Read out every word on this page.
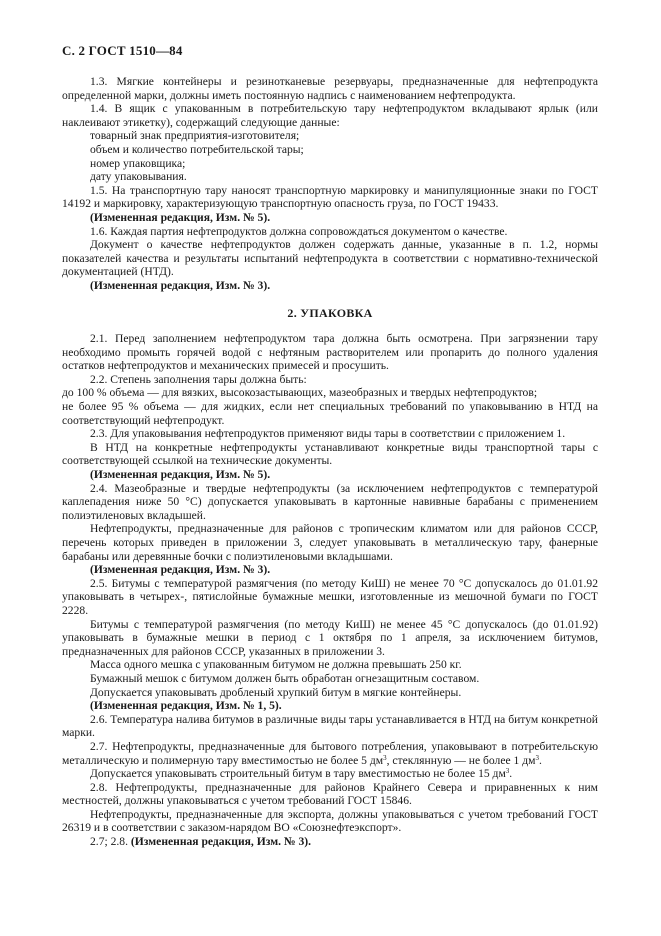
С. 2 ГОСТ 1510—84

1.3. Мягкие контейнеры и резинотканевые резервуары, предназначенные для нефтепродукта определенной марки, должны иметь постоянную надпись с наименованием нефтепродукта.

1.4. В ящик с упакованным в потребительскую тару нефтепродуктом вкладывают ярлык (или наклеивают этикетку), содержащий следующие данные:

товарный знак предприятия-изготовителя;

объем и количество потребительской тары;

номер упаковщика;

дату упаковывания.

1.5. На транспортную тару наносят транспортную маркировку и манипуляционные знаки по ГОСТ 14192 и маркировку, характеризующую транспортную опасность груза, по ГОСТ 19433.

(Измененная редакция, Изм. № 5).

1.6. Каждая партия нефтепродуктов должна сопровождаться документом о качестве.

Документ о качестве нефтепродуктов должен содержать данные, указанные в п. 1.2, нормы показателей качества и результаты испытаний нефтепродукта в соответствии с нормативно-технической документацией (НТД).

(Измененная редакция, Изм. № 3).

2. УПАКОВКА

2.1. Перед заполнением нефтепродуктом тара должна быть осмотрена. При загрязнении тару необходимо промыть горячей водой с нефтяным растворителем или пропарить до полного удаления остатков нефтепродуктов и механических примесей и просушить.

2.2. Степень заполнения тары должна быть:

до 100 % объема — для вязких, высокозастывающих, мазеобразных и твердых нефтепродуктов;

не более 95 % объема — для жидких, если нет специальных требований по упаковыванию в НТД на соответствующий нефтепродукт.

2.3. Для упаковывания нефтепродуктов применяют виды тары в соответствии с приложением 1.

В НТД на конкретные нефтепродукты устанавливают конкретные виды транспортной тары с соответствующей ссылкой на технические документы.

(Измененная редакция, Изм. № 5).

2.4. Мазеобразные и твердые нефтепродукты (за исключением нефтепродуктов с температурой каплепадения ниже 50 °С) допускается упаковывать в картонные навивные барабаны с применением полиэтиленовых вкладышей.

Нефтепродукты, предназначенные для районов с тропическим климатом или для районов СССР, перечень которых приведен в приложении 3, следует упаковывать в металлическую тару, фанерные барабаны или деревянные бочки с полиэтиленовыми вкладышами.

(Измененная редакция, Изм. № 3).

2.5. Битумы с температурой размягчения (по методу КиШ) не менее 70 °С допускалось до 01.01.92 упаковывать в четырех-, пятислойные бумажные мешки, изготовленные из мешочной бумаги по ГОСТ 2228.

Битумы с температурой размягчения (по методу КиШ) не менее 45 °С допускалось (до 01.01.92) упаковывать в бумажные мешки в период с 1 октября по 1 апреля, за исключением битумов, предназначенных для районов СССР, указанных в приложении 3.

Масса одного мешка с упакованным битумом не должна превышать 250 кг.

Бумажный мешок с битумом должен быть обработан огнезащитным составом.

Допускается упаковывать дробленый хрупкий битум в мягкие контейнеры.

(Измененная редакция, Изм. № 1, 5).

2.6. Температура налива битумов в различные виды тары устанавливается в НТД на битум конкретной марки.

2.7. Нефтепродукты, предназначенные для бытового потребления, упаковывают в потребительскую металлическую и полимерную тару вместимостью не более 5 $дм^3$, стеклянную — не более 1 $дм^3$.

Допускается упаковывать строительный битум в тару вместимостью не более 15 $дм^3$.

2.8. Нефтепродукты, предназначенные для районов Крайнего Севера и приравненных к ним местностей, должны упаковываться с учетом требований ГОСТ 15846.

Нефтепродукты, предназначенные для экспорта, должны упаковываться с учетом требований ГОСТ 26319 и в соответствии с заказом-нарядом ВО «Союзнефтеэкспорт».

2.7; 2.8. (Измененная редакция, Изм. № 3).
